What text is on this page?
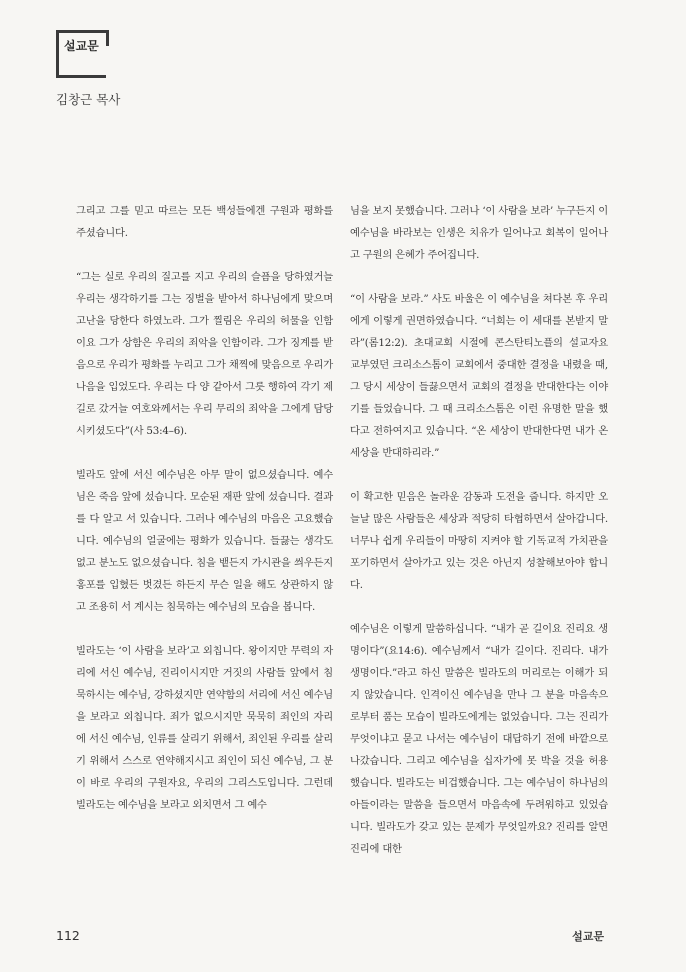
설교문
김창근 목사

그리고 그를 믿고 따르는 모든 백성들에겐 구원과 평화를 주셨습니다.

“그는 실로 우리의 질고를 지고 우리의 슬픔을 당하였거늘 우리는 생각하기를 그는 징벌을 받아서 하나님에게 맞으며 고난을 당한다 하였노라. 그가 찔림은 우리의 허물을 인함이요 그가 상함은 우리의 죄악을 인함이라. 그가 징계를 받음으로 우리가 평화를 누리고 그가 채찍에 맞음으로 우리가 나음을 입었도다. 우리는 다 양 같아서 그릇 행하여 각기 제 길로 갔거늘 여호와께서는 우리 무리의 죄악을 그에게 담당시키셨도다”(사 53:4–6).

빌라도 앞에 서신 예수님은 아무 말이 없으셨습니다. 예수님은 죽음 앞에 섰습니다. 모순된 재판 앞에 섰습니다. 결과를 다 알고 서 있습니다. 그러나 예수님의 마음은 고요했습니다. 예수님의 얼굴에는 평화가 있습니다. 들끓는 생각도 없고 분노도 없으셨습니다. 침을 뱉든지 가시관을 씌우든지 홍포를 입혔든 벗겼든 하든지 무슨 일을 해도 상관하지 않고 조용히 서 계시는 침묵하는 예수님의 모습을 봅니다.

빌라도는 ‘이 사람을 보라’고 외칩니다. 왕이지만 무력의 자리에 서신 예수님, 진리이시지만 거짓의 사람들 앞에서 침묵하시는 예수님, 강하셨지만 연약함의 서리에 서신 예수님을 보라고 외칩니다. 죄가 없으시지만 묵묵히 죄인의 자리에 서신 예수님, 인류를 살리기 위해서, 죄인된 우리를 살리기 위해서 스스로 연약해지시고 죄인이 되신 예수님, 그 분이 바로 우리의 구원자요, 우리의 그리스도입니다. 그런데 빌라도는 예수님을 보라고 외치면서 그 예수

님을 보지 못했습니다. 그러나 ‘이 사람을 보라’ 누구든지 이 예수님을 바라보는 인생은 치유가 일어나고 회복이 일어나고 구원의 은혜가 주어집니다.

“이 사람을 보라.” 사도 바울은 이 예수님을 쳐다본 후 우리에게 이렇게 권면하였습니다. “너희는 이 세대를 본받지 말라”(롬12:2). 초대교회 시절에 콘스탄티노플의 설교자요 교부였던 크리소스톰이 교회에서 중대한 결정을 내렸을 때, 그 당시 세상이 들끓으면서 교회의 결정을 반대한다는 이야기를 들었습니다. 그 때 크리소스톰은 이런 유명한 말을 했다고 전하여지고 있습니다. “온 세상이 반대한다면 내가 온 세상을 반대하리라.”

이 확고한 믿음은 놀라운 감동과 도전을 줍니다. 하지만 오늘날 많은 사람들은 세상과 적당히 타협하면서 살아갑니다. 너무나 쉽게 우리들이 마땅히 지켜야 할 기독교적 가치관을 포기하면서 살아가고 있는 것은 아닌지 성찰해보아야 합니다.

예수님은 이렇게 말씀하십니다. “내가 곧 길이요 진리요 생명이다”(요14:6). 예수님께서 “내가 길이다. 진리다. 내가 생명이다.”라고 하신 말씀은 빌라도의 머리로는 이해가 되지 않았습니다. 인격이신 예수님을 만나 그 분을 마음속으로부터 품는 모습이 빌라도에게는 없었습니다. 그는 진리가 무엇이냐고 묻고 나서는 예수님이 대답하기 전에 바깥으로 나갔습니다. 그리고 예수님을 십자가에 못 박을 것을 허용했습니다. 빌라도는 비겁했습니다. 그는 예수님이 하나님의 아들이라는 말씀을 들으면서 마음속에 두려워하고 있었습니다. 빌라도가 갖고 있는 문제가 무엇일까요? 진리를 알면 진리에 대한

112	설교문
